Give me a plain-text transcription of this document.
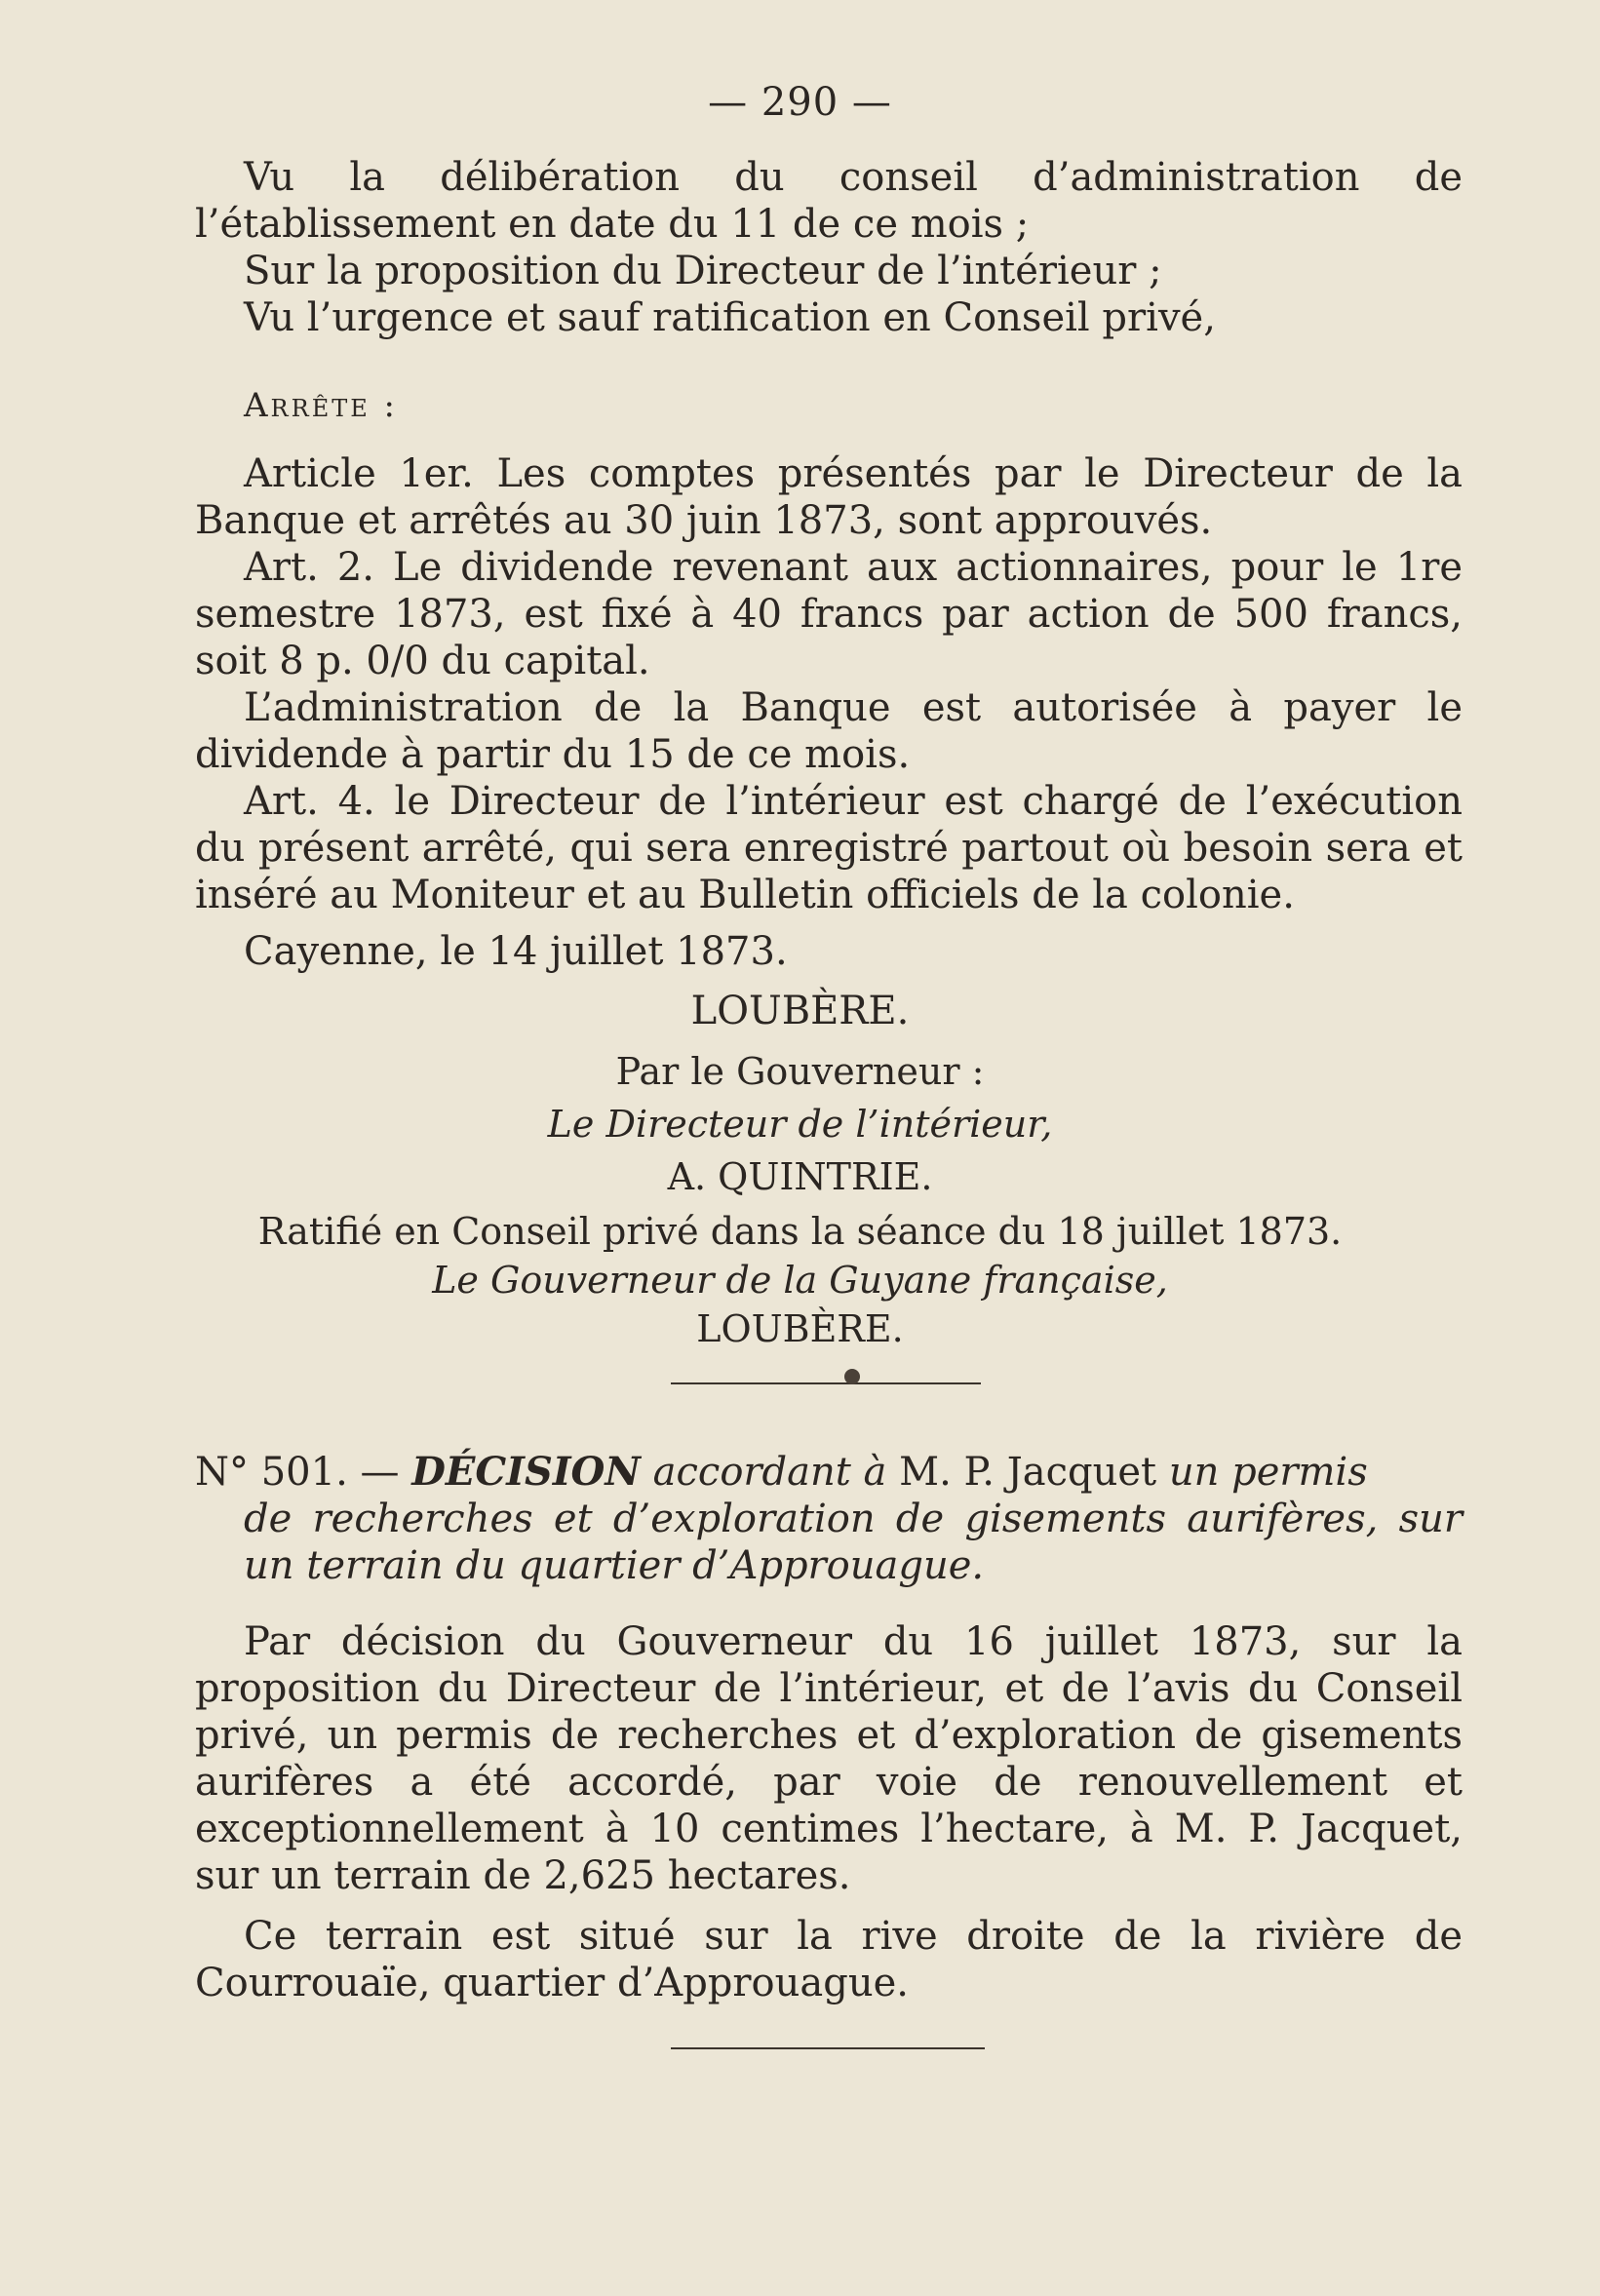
— 290 —

Vu la délibération du conseil d’administration de l’établissement en date du 11 de ce mois ;

Sur la proposition du Directeur de l’intérieur ;

Vu l’urgence et sauf ratification en Conseil privé,

Arrête :

Article 1er. Les comptes présentés par le Directeur de la Banque et arrêtés au 30 juin 1873, sont approuvés.

Art. 2. Le dividende revenant aux actionnaires, pour le 1re semestre 1873, est fixé à 40 francs par action de 500 francs, soit 8 p. 0/0 du capital.

L’administration de la Banque est autorisée à payer le dividende à partir du 15 de ce mois.

Art. 4. le Directeur de l’intérieur est chargé de l’exécution du présent arrêté, qui sera enregistré partout où besoin sera et inséré au Moniteur et au Bulletin officiels de la colonie.

Cayenne, le 14 juillet 1873.

LOUBÈRE.
Par le Gouverneur :
Le Directeur de l’intérieur,
A. QUINTRIE.
Ratifié en Conseil privé dans la séance du 18 juillet 1873.
Le Gouverneur de la Guyane française,
LOUBÈRE.
N° 501. — DÉCISION accordant à M. P. Jacquet un permis
de recherches et d’exploration de gisements aurifères, sur un terrain du quartier d’Approuague.

Par décision du Gouverneur du 16 juillet 1873, sur la proposition du Directeur de l’intérieur, et de l’avis du Conseil privé, un permis de recherches et d’exploration de gisements aurifères a été accordé, par voie de renouvellement et exceptionnellement à 10 centimes l’hectare, à M. P. Jacquet, sur un terrain de 2,625 hectares.

Ce terrain est situé sur la rive droite de la rivière de Courrouaïe, quartier d’Approuague.
